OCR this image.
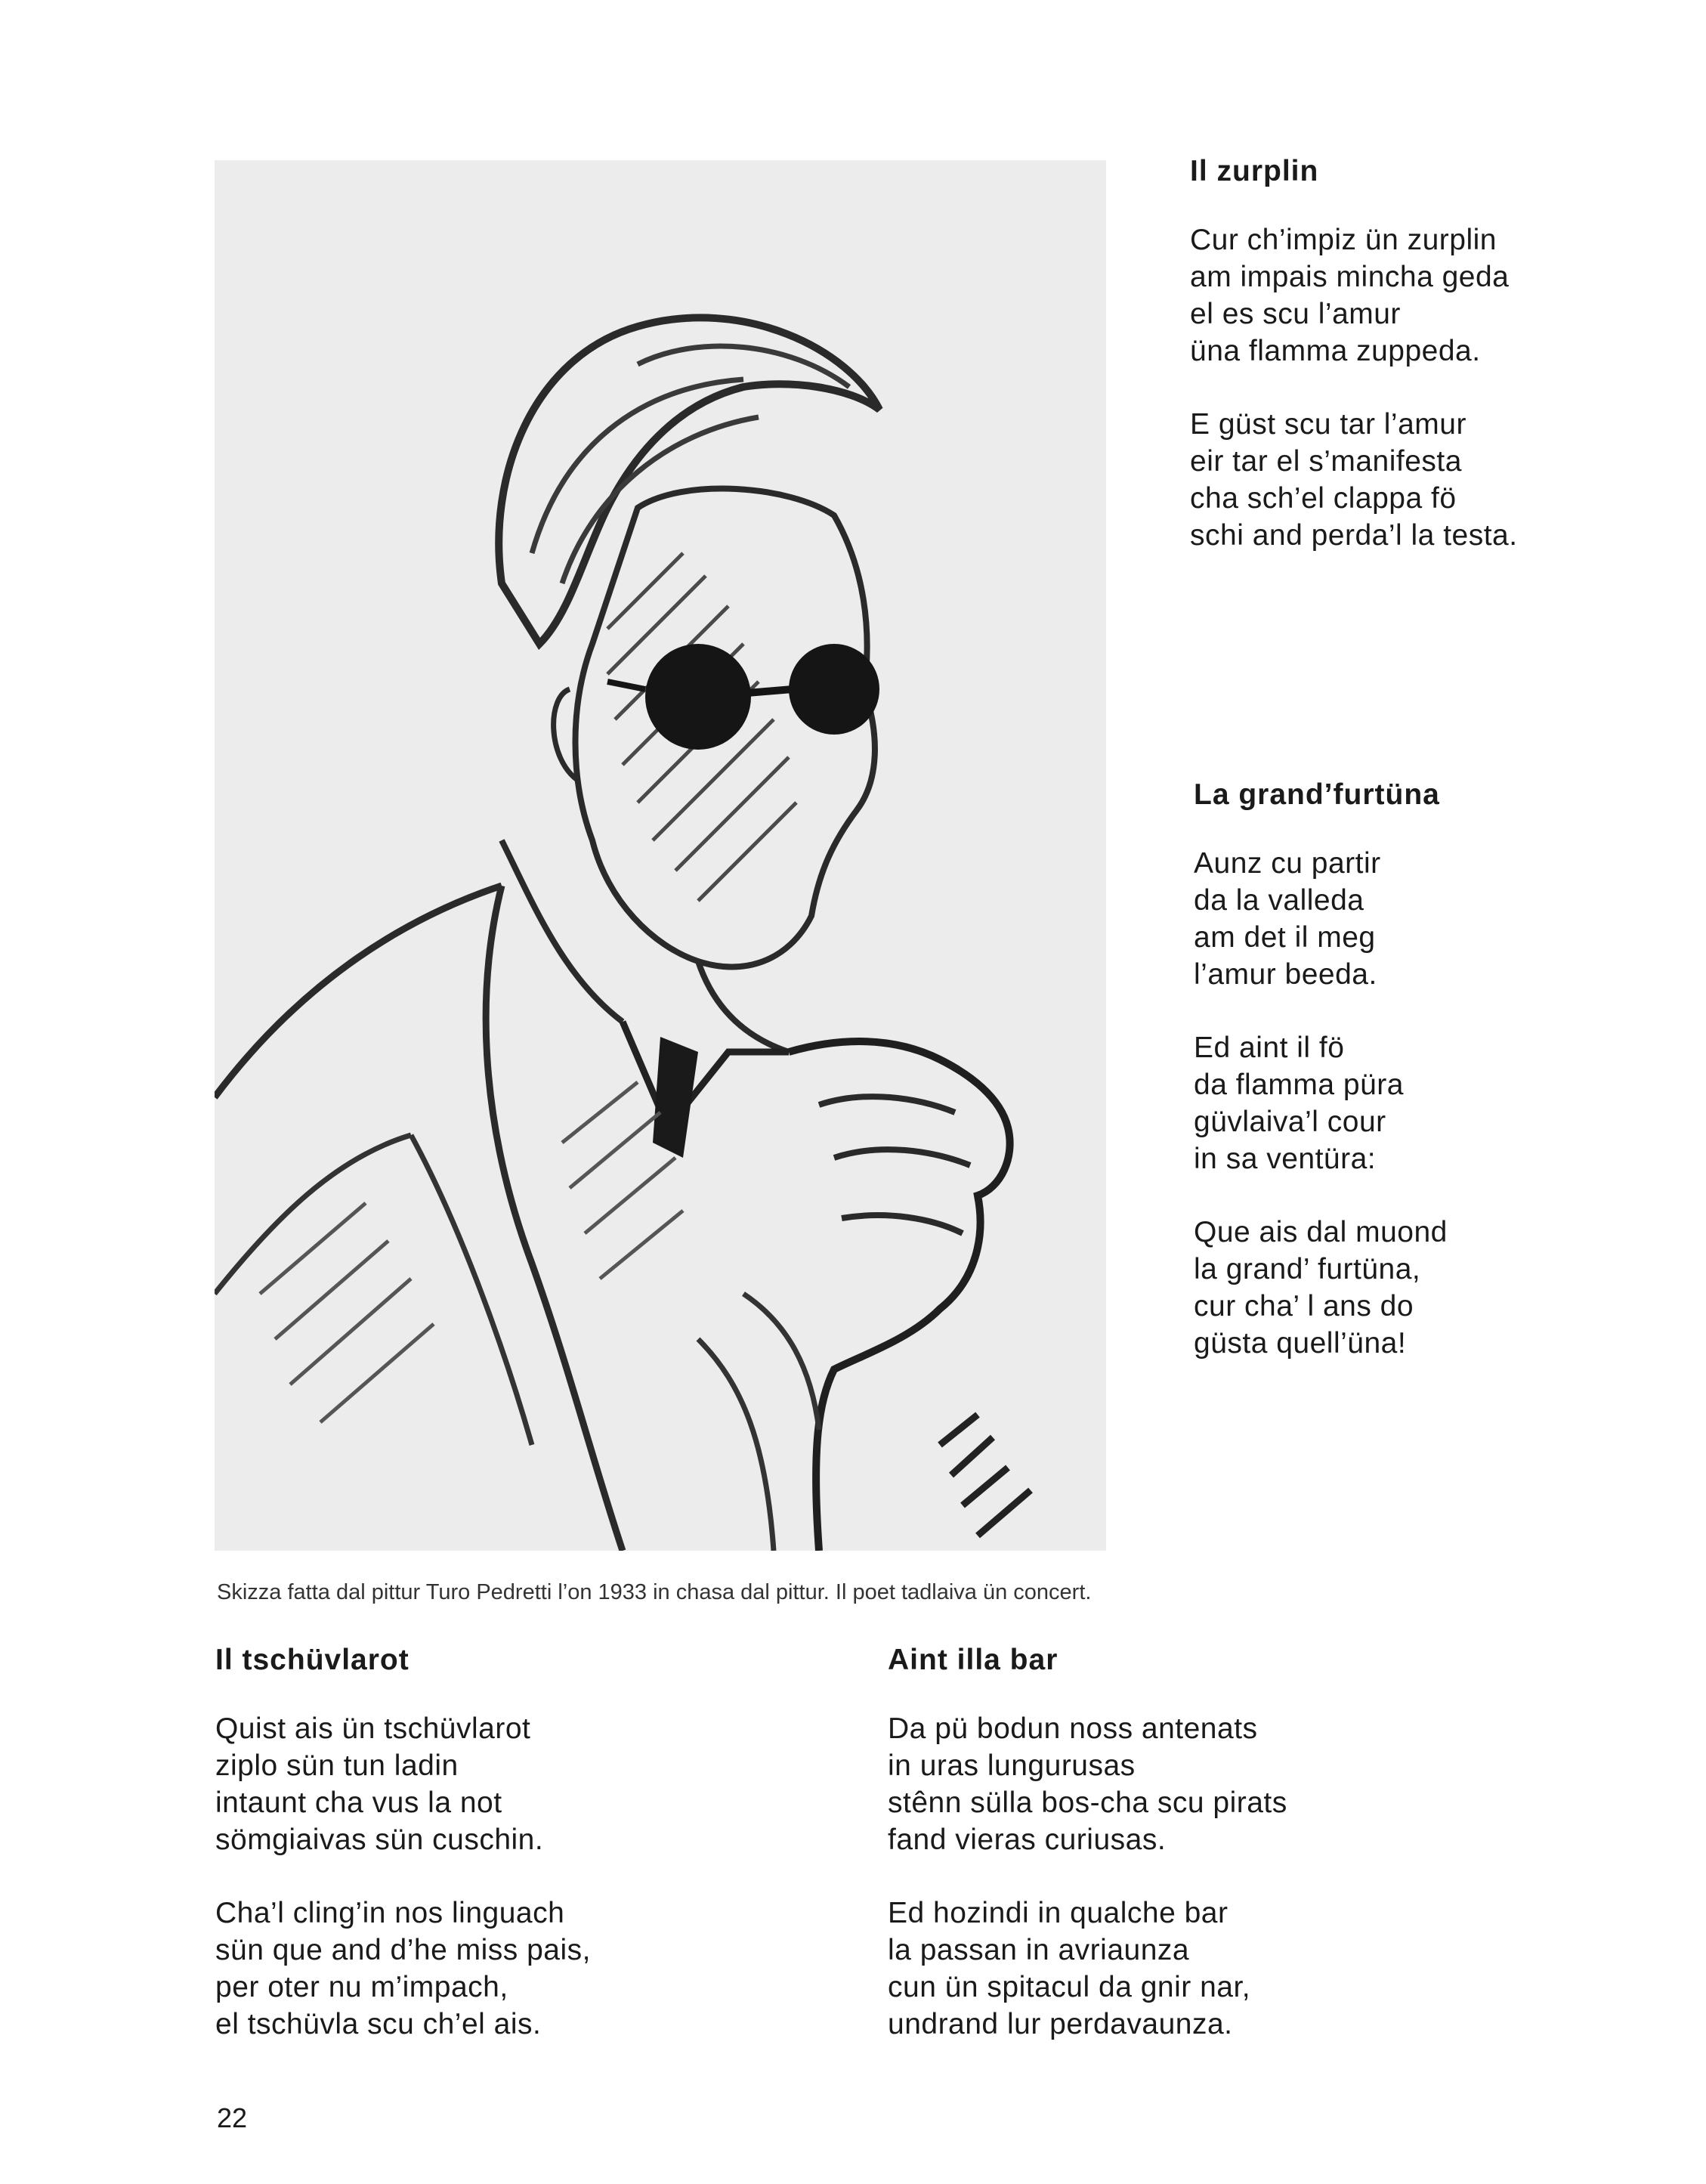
Skizza fatta dal pittur Turo Pedretti l’on 1933 in chasa dal pittur. Il poet tadlaiva ün concert.
Il zurplin
Cur ch’impiz ün zurplin
am impais mincha geda
el es scu l’amur
üna flamma zuppeda.
E güst scu tar l’amur
eir tar el s’manifesta
cha sch’el clappa fö
schi and perda’l la testa.
La grand’furtüna
Aunz cu partir
da la valleda
am det il meg
l’amur beeda.
Ed aint il fö
da flamma püra
güvlaiva’l cour
in sa ventüra:
Que ais dal muond
la grand’ furtüna,
cur cha’ l ans do
güsta quell’üna!
Il tschüvlarot
Quist ais ün tschüvlarot
ziplo sün tun ladin
intaunt cha vus la not
sömgiaivas sün cuschin.
Cha’l cling’in nos linguach
sün que and d’he miss pais,
per oter nu m’impach,
el tschüvla scu ch’el ais.
Aint illa bar
Da pü bodun noss antenats
in uras lungurusas
stênn sülla bos-cha scu pirats
fand vieras curiusas.
Ed hozindi in qualche bar
la passan in avriaunza
cun ün spitacul da gnir nar,
undrand lur perdavaunza.
22
